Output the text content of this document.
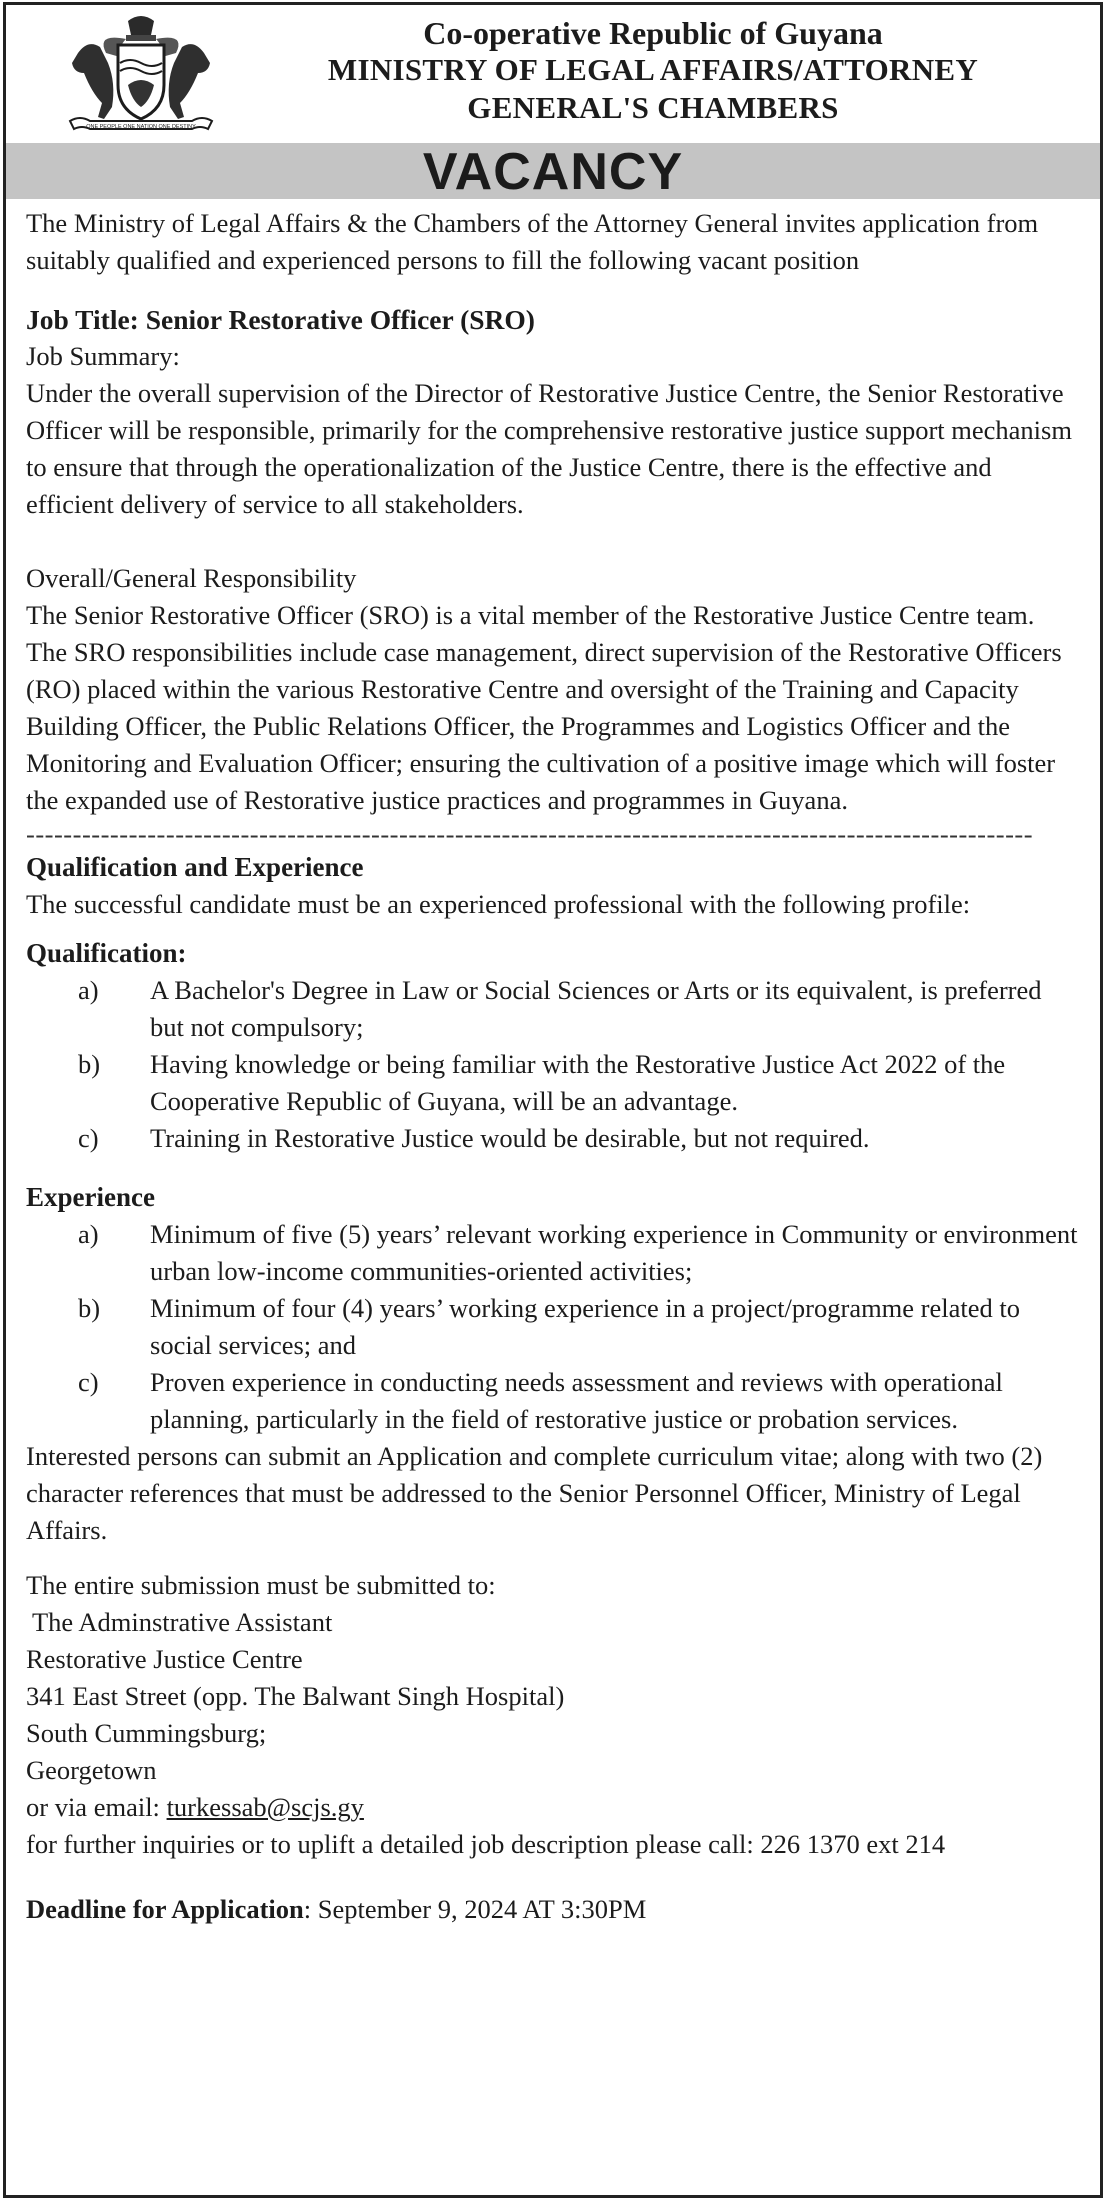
ONE PEOPLE ONE NATION ONE DESTINY
Co-operative Republic of Guyana
MINISTRY OF LEGAL AFFAIRS/ATTORNEY
GENERAL'S CHAMBERS
VACANCY

The Ministry of Legal Affairs & the Chambers of the Attorney General invites application from suitably qualified and experienced persons to fill the following vacant position

Job Title: Senior Restorative Officer (SRO)

Job Summary:

Under the overall supervision of the Director of Restorative Justice Centre, the Senior Restorative Officer will be responsible, primarily for the comprehensive restorative justice support mechanism to ensure that through the operationalization of the Justice Centre, there is the effective and efficient delivery of service to all stakeholders.

Overall/General Responsibility

The Senior Restorative Officer (SRO) is a vital member of the Restorative Justice Centre team. The SRO responsibilities include case management, direct supervision of the Restorative Officers (RO) placed within the various Restorative Centre and oversight of the Training and Capacity Building Officer, the Public Relations Officer, the Programmes and Logistics Officer and the Monitoring and Evaluation Officer; ensuring the cultivation of a positive image which will foster the expanded use of Restorative justice practices and programmes in Guyana.

------------------------------------------------------------------------------------------------------------
Qualification and Experience

The successful candidate must be an experienced professional with the following profile:

Qualification:
a)	A Bachelor's Degree in Law or Social Sciences or Arts or its equivalent, is preferred but not compulsory;
b)	Having knowledge or being familiar with the Restorative Justice Act 2022 of the Cooperative Republic of Guyana, will be an advantage.
c)	Training in Restorative Justice would be desirable, but not required.
Experience
a)	Minimum of five (5) years’ relevant working experience in Community or environment urban low-income communities-oriented activities;
b)	Minimum of four (4) years’ working experience in a project/programme related to social services; and
c)	Proven experience in conducting needs assessment and reviews with operational planning, particularly in the field of restorative justice or probation services.

Interested persons can submit an Application and complete curriculum vitae; along with two (2) character references that must be addressed to the Senior Personnel Officer, Ministry of Legal Affairs.

The entire submission must be submitted to:

The Adminstrative Assistant

Restorative Justice Centre

341 East Street (opp. The Balwant Singh Hospital)

South Cummingsburg;

Georgetown

or via email: turkessab@scjs.gy

for further inquiries or to uplift a detailed job description please call: 226 1370 ext 214

Deadline for Application: September 9, 2024 AT 3:30PM
